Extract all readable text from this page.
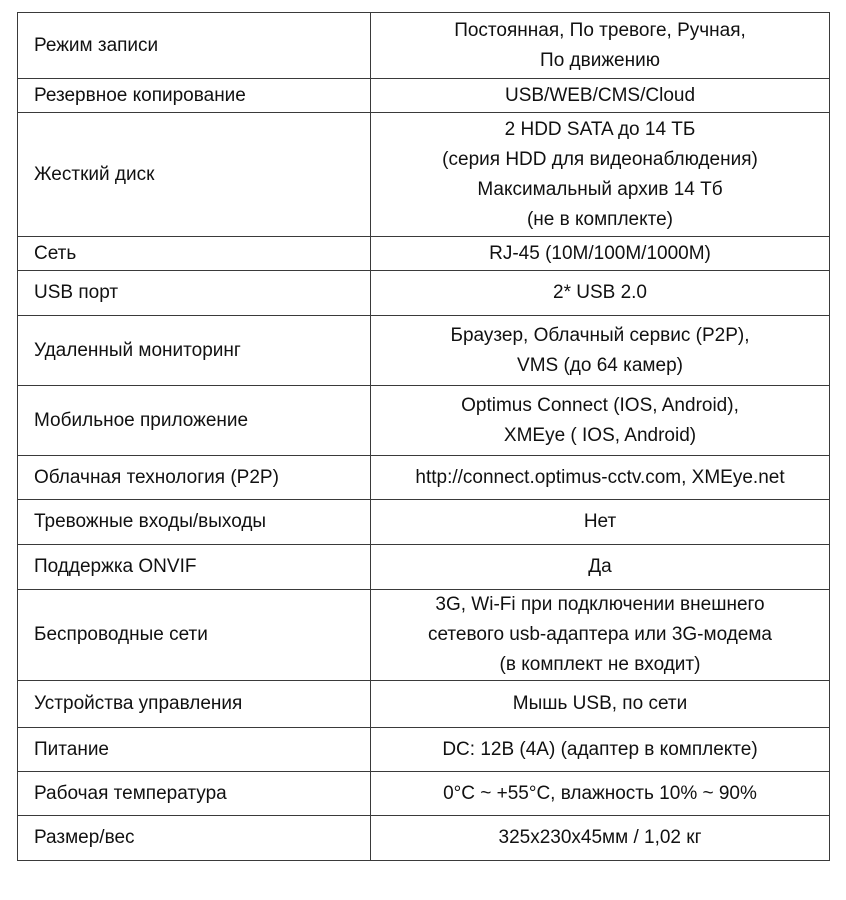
Режим записи	Постоянная, По тревоге, Ручная,
По движению

Резервное копирование	USB/WEB/CMS/Cloud

Жесткий диск	2 HDD SATA до 14 ТБ
(серия HDD для видеонаблюдения)
Максимальный архив 14 Тб
(не в комплекте)

Сеть	RJ-45 (10M/100M/1000M)

USB порт	2* USB 2.0

Удаленный мониторинг	Браузер, Облачный сервис (P2P),
VMS (до 64 камер)

Мобильное приложение	Optimus Connect (IOS, Android),
XMEye ( IOS, Android)

Облачная технология (P2P)	http://connect.optimus-cctv.com, XMEye.net

Тревожные входы/выходы	Нет

Поддержка ONVIF	Да

Беспроводные сети	3G, Wi-Fi при подключении внешнего
сетевого usb-адаптера или 3G-модема
(в комплект не входит)

Устройства управления	Мышь USB, по сети

Питание	DC: 12В (4А) (адаптер в комплекте)

Рабочая температура	0°C ~ +55°C, влажность 10% ~ 90%

Размер/вес	325x230x45мм / 1,02 кг
